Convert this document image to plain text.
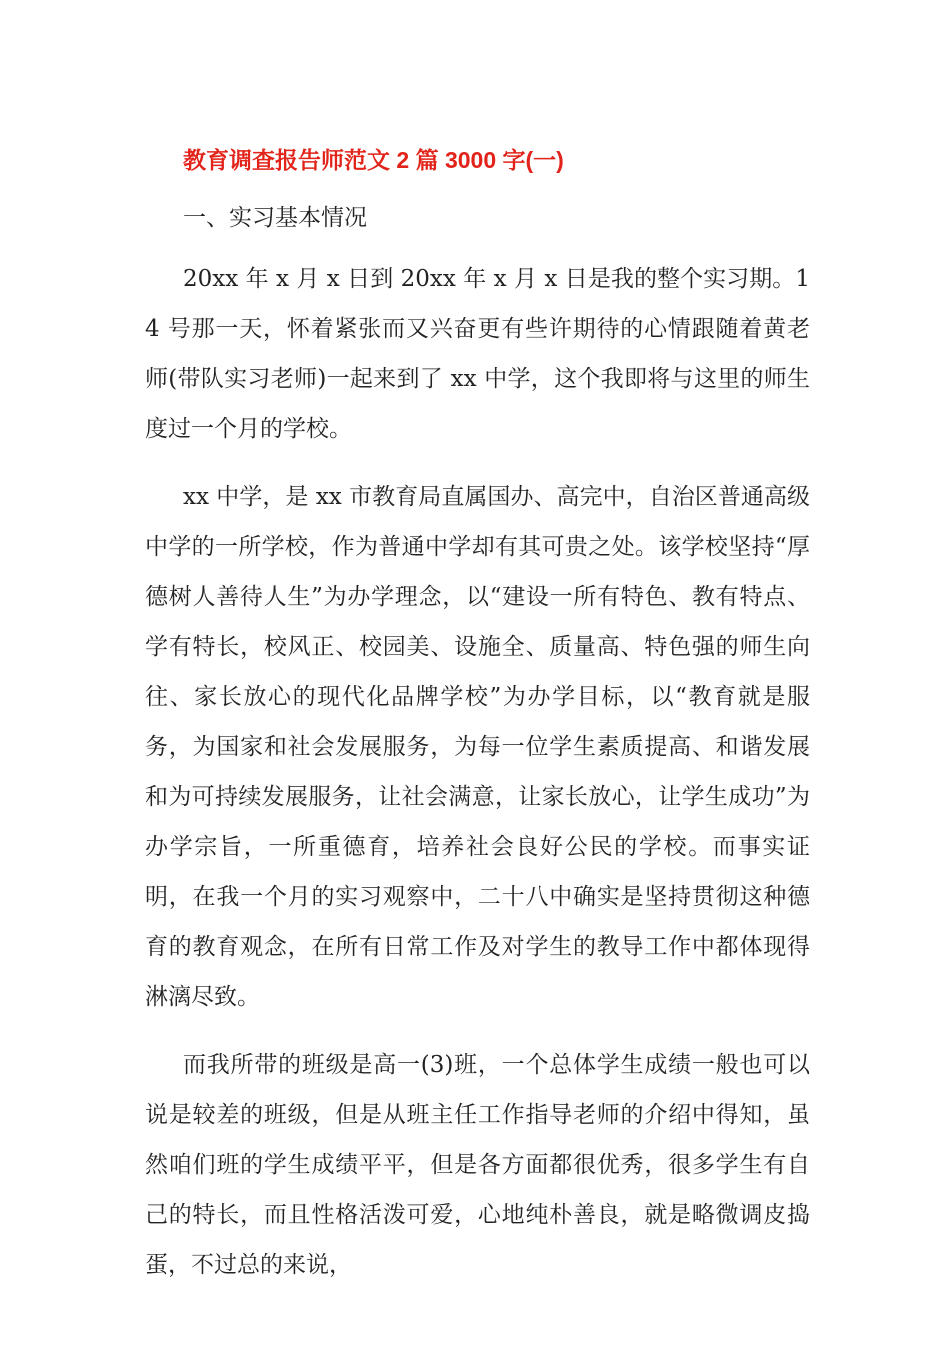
教育调查报告师范文 2 篇 3000 字(一)
一、实习基本情况

20xx 年 x 月 x 日到 20xx 年 x 月 x 日是我的整个实习期。14 号那一天，怀着紧张而又兴奋更有些许期待的心情跟随着黄老师(带队实习老师)一起来到了 xx 中学，这个我即将与这里的师生度过一个月的学校。

xx 中学，是 xx 市教育局直属国办、高完中，自治区普通高级中学的一所学校，作为普通中学却有其可贵之处。该学校坚持“厚德树人善待人生”为办学理念，以“建设一所有特色、教有特点、学有特长，校风正、校园美、设施全、质量高、特色强的师生向往、家长放心的现代化品牌学校”为办学目标，以“教育就是服务，为国家和社会发展服务，为每一位学生素质提高、和谐发展和为可持续发展服务，让社会满意，让家长放心，让学生成功”为办学宗旨，一所重德育，培养社会良好公民的学校。而事实证明，在我一个月的实习观察中，二十八中确实是坚持贯彻这种德育的教育观念，在所有日常工作及对学生的教导工作中都体现得淋漓尽致。

而我所带的班级是高一(3)班，一个总体学生成绩一般也可以说是较差的班级，但是从班主任工作指导老师的介绍中得知，虽然咱们班的学生成绩平平，但是各方面都很优秀，很多学生有自己的特长，而且性格活泼可爱，心地纯朴善良，就是略微调皮捣蛋，不过总的来说，
